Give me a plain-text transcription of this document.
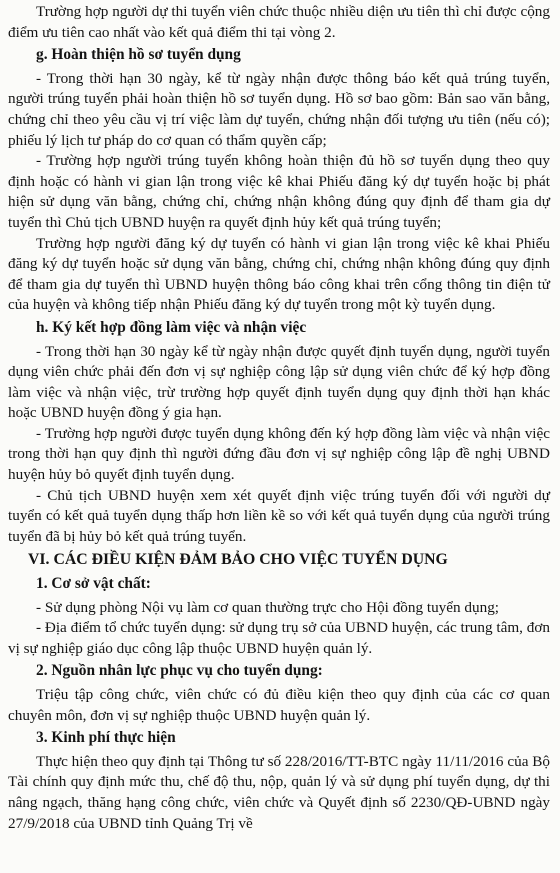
Trường hợp người dự thi tuyển viên chức thuộc nhiều diện ưu tiên thì chỉ được cộng điểm ưu tiên cao nhất vào kết quả điểm thi tại vòng 2.

g. Hoàn thiện hồ sơ tuyển dụng

- Trong thời hạn 30 ngày, kể từ ngày nhận được thông báo kết quả trúng tuyển, người trúng tuyển phải hoàn thiện hồ sơ tuyển dụng. Hồ sơ bao gồm: Bản sao văn bằng, chứng chỉ theo yêu cầu vị trí việc làm dự tuyển, chứng nhận đối tượng ưu tiên (nếu có); phiếu lý lịch tư pháp do cơ quan có thẩm quyền cấp;

- Trường hợp người trúng tuyển không hoàn thiện đủ hồ sơ tuyển dụng theo quy định hoặc có hành vi gian lận trong việc kê khai Phiếu đăng ký dự tuyển hoặc bị phát hiện sử dụng văn bằng, chứng chỉ, chứng nhận không đúng quy định để tham gia dự tuyển thì Chủ tịch UBND huyện ra quyết định hủy kết quả trúng tuyển;

Trường hợp người đăng ký dự tuyển có hành vi gian lận trong việc kê khai Phiếu đăng ký dự tuyển hoặc sử dụng văn bằng, chứng chỉ, chứng nhận không đúng quy định để tham gia dự tuyển thì UBND huyện thông báo công khai trên cổng thông tin điện tử của huyện và không tiếp nhận Phiếu đăng ký dự tuyển trong một kỳ tuyển dụng.

h. Ký kết hợp đồng làm việc và nhận việc

- Trong thời hạn 30 ngày kể từ ngày nhận được quyết định tuyển dụng, người tuyển dụng viên chức phải đến đơn vị sự nghiệp công lập sử dụng viên chức để ký hợp đồng làm việc và nhận việc, trừ trường hợp quyết định tuyển dụng quy định thời hạn khác hoặc UBND huyện đồng ý gia hạn.

- Trường hợp người được tuyển dụng không đến ký hợp đồng làm việc và nhận việc trong thời hạn quy định thì người đứng đầu đơn vị sự nghiệp công lập đề nghị UBND huyện hủy bỏ quyết định tuyển dụng.

- Chủ tịch UBND huyện xem xét quyết định việc trúng tuyển đối với người dự tuyển có kết quả tuyển dụng thấp hơn liền kề so với kết quả tuyển dụng của người trúng tuyển đã bị hủy bỏ kết quả trúng tuyển.

VI. CÁC ĐIỀU KIỆN ĐẢM BẢO CHO VIỆC TUYỂN DỤNG

1. Cơ sở vật chất:

- Sử dụng phòng Nội vụ làm cơ quan thường trực cho Hội đồng tuyển dụng;

- Địa điểm tổ chức tuyển dụng: sử dụng trụ sở của UBND huyện, các trung tâm, đơn vị sự nghiệp giáo dục công lập thuộc UBND huyện quản lý.

2. Nguồn nhân lực phục vụ cho tuyển dụng:

Triệu tập công chức, viên chức có đủ điều kiện theo quy định của các cơ quan chuyên môn, đơn vị sự nghiệp thuộc UBND huyện quản lý.

3. Kinh phí thực hiện

Thực hiện theo quy định tại Thông tư số 228/2016/TT-BTC ngày 11/11/2016 của Bộ Tài chính quy định mức thu, chế độ thu, nộp, quản lý và sử dụng phí tuyển dụng, dự thi nâng ngạch, thăng hạng công chức, viên chức và Quyết định số 2230/QĐ-UBND ngày 27/9/2018 của UBND tỉnh Quảng Trị về
